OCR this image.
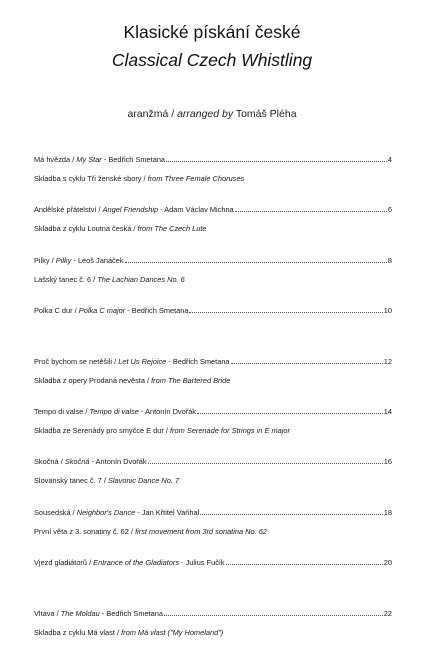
Klasické pískání české
Classical Czech Whistling
aranžmá / arranged by Tomáš Pléha
Má hvězda / My Star - Bedřich Smetana	4
Skladba s cyklu Tři ženské sbory / from Three Female Choruses
Andělské přátelství / Angel Friendship - Adam Václav Michna	6
Skladba z cyklu Loutna česká / from The Czech Lute
Pilky / Pilky - Leoš Janáček	8
Lašský tanec č. 6 / The Lachian Dances No. 6
Polka C dur / Polka C major - Bedřich Smetana	10
Proč bychom se netěšili / Let Us Rejoice - Bedřich Smetana	12
Skladba z opery Prodaná nevěsta / from The Bartered Bride
Tempo di valse / Tempo di valse - Antonín Dvořák	14
Skladba ze Serenády pro smyčce E dur / from Serenade for Strings in E major
Skočná / Skočná - Antonín Dvořák	16
Slovanský tanec č. 7 / Slavonic Dance No. 7
Sousedská / Neighbor's Dance - Jan Křtitel Vaňhal	18
První věta z 3. sonatiny č. 62 / first movement from 3rd sonatina No. 62
Vjezd gladiátorů / Entrance of the Gladiators - Julius Fučík	20
Vltava / The Moldau - Bedřich Smetana	22
Skladba z cyklu Má vlast / from Má vlast ("My Homeland")
